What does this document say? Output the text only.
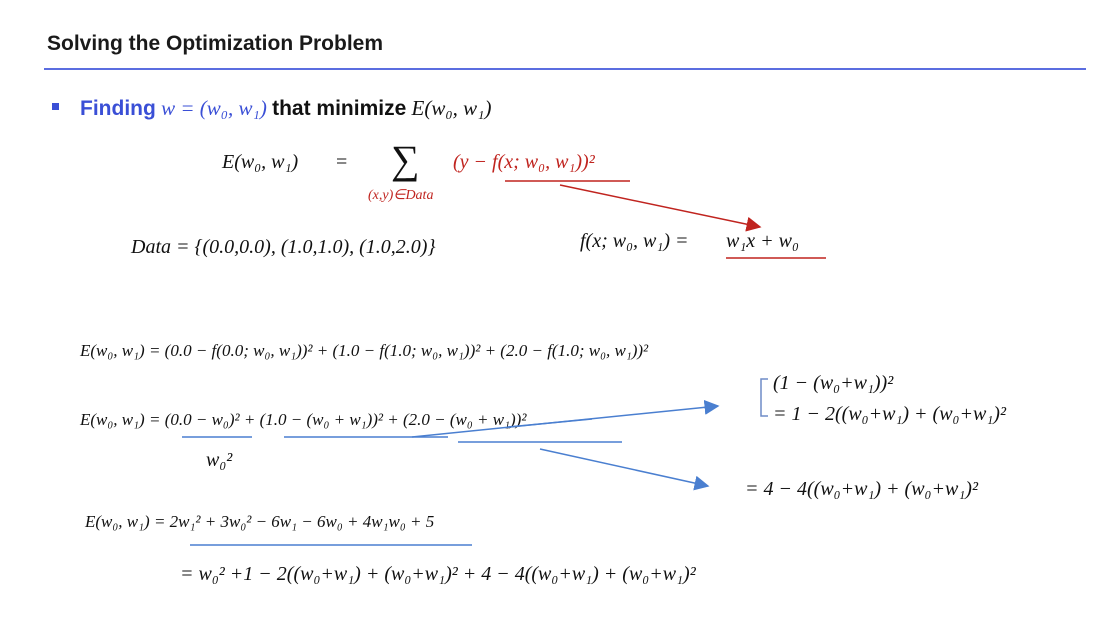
Solving the Optimization Problem
Finding w = (w₀, w₁) that minimize E(w₀, w₁)
E(w₀, w₁) = ∑
(x,y)∈Data
(y − f(x; w₀, w₁))²
Data = {(0.0,0.0), (1.0,1.0), (1.0,2.0)}	f(x; w₀, w₁) = w₁x + w₀
E(w₀, w₁) = (0.0 − f(0.0; w₀, w₁))² + (1.0 − f(1.0; w₀, w₁))² + (2.0 − f(1.0; w₀, w₁))²
E(w₀, w₁) = (0.0 − w₀)² + (1.0 − (w₀ + w₁))² + (2.0 − (w₀ + w₁))²
w₀²
(1 − (w₀+w₁))²
= 1 − 2((w₀+w₁) + (w₀+w₁)²
= 4 − 4((w₀+w₁) + (w₀+w₁)²
E(w₀, w₁) = 2w₁² + 3w₀² − 6w₁ − 6w₀ + 4w₁w₀ + 5
= w₀² +1 − 2((w₀+w₁) + (w₀+w₁)² + 4 − 4((w₀+w₁) + (w₀+w₁)²
